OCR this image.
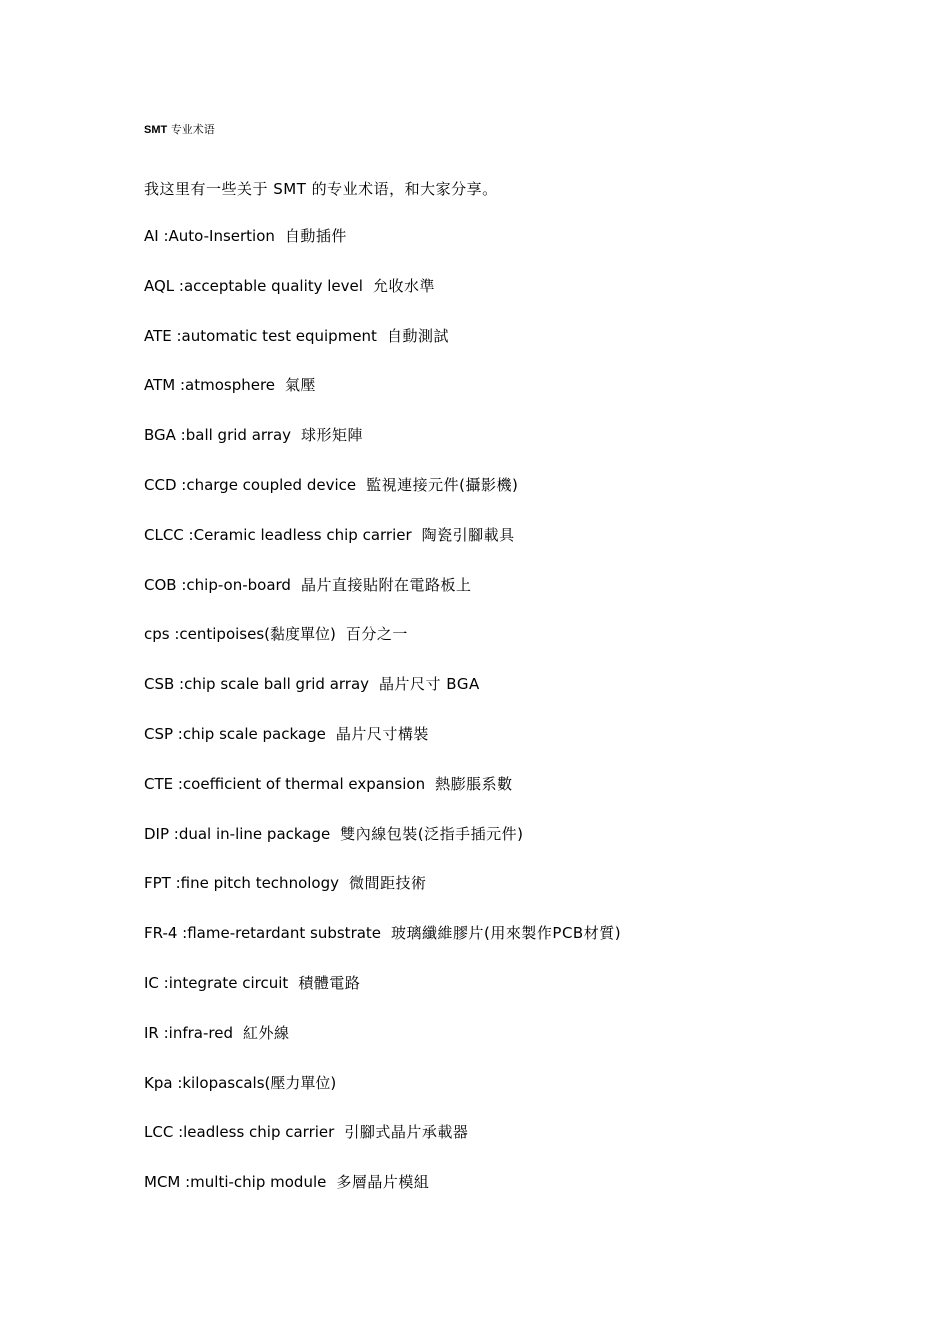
SMT 专业术语
我这里有一些关于 SMT 的专业术语，和大家分享。
AI :Auto-Insertion 自動插件
AQL :acceptable quality level 允收水準
ATE :automatic test equipment 自動測試
ATM :atmosphere 氣壓
BGA :ball grid array 球形矩陣
CCD :charge coupled device 監視連接元件(攝影機)
CLCC :Ceramic leadless chip carrier 陶瓷引腳載具
COB :chip-on-board 晶片直接貼附在電路板上
cps :centipoises(黏度單位) 百分之一
CSB :chip scale ball grid array 晶片尺寸 BGA
CSP :chip scale package 晶片尺寸構裝
CTE :coefficient of thermal expansion 熱膨脹系數
DIP :dual in-line package 雙內線包裝(泛指手插元件)
FPT :fine pitch technology 微間距技術
FR-4 :flame-retardant substrate 玻璃纖維膠片(用來製作PCB材質)
IC :integrate circuit 積體電路
IR :infra-red 紅外線
Kpa :kilopascals(壓力單位)
LCC :leadless chip carrier 引腳式晶片承載器
MCM :multi-chip module 多層晶片模組
